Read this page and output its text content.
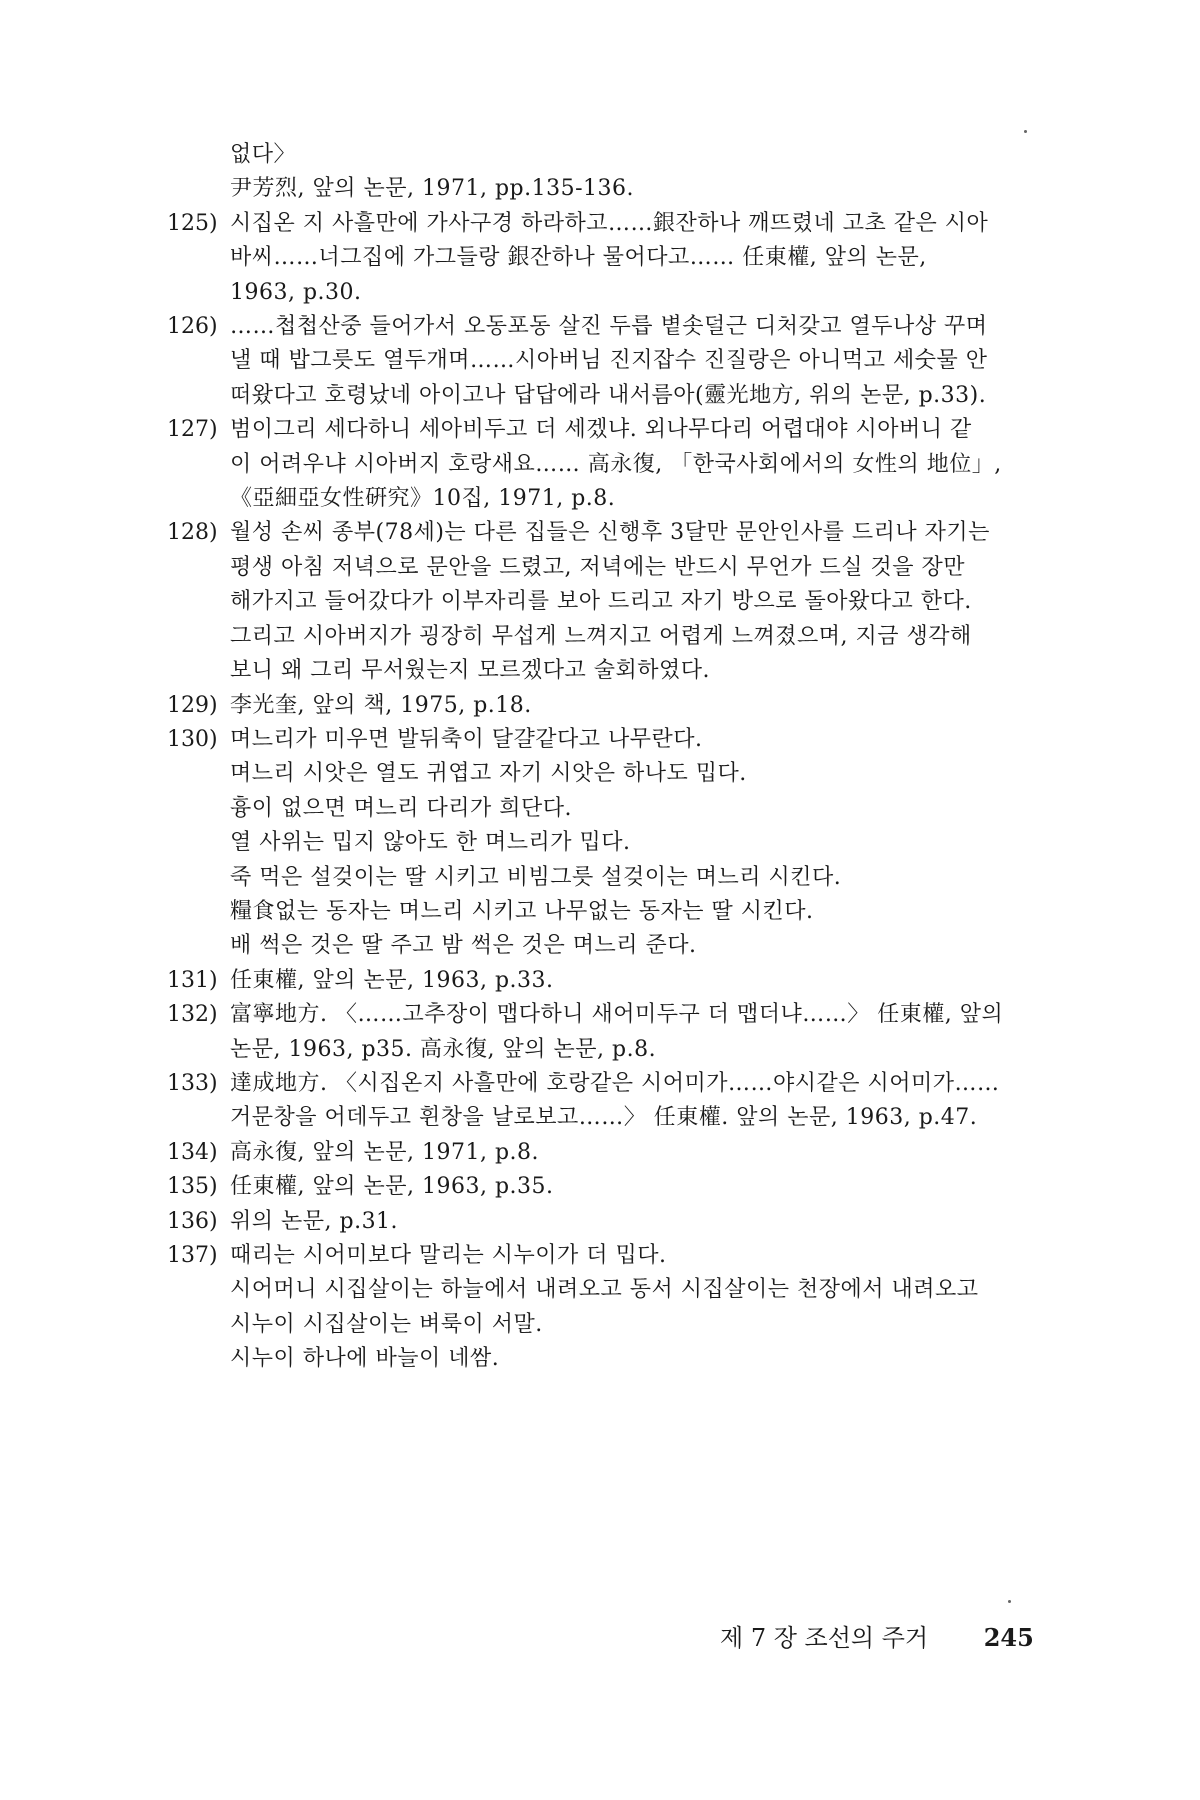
없다〉
尹芳烈, 앞의 논문, 1971, pp.135-136.
125) 시집온 지 사흘만에 가사구경 하라하고……銀잔하나 깨뜨렸네 고초 같은 시아
바씨……너그집에 가그들랑 銀잔하나 물어다고…… 任東權, 앞의 논문,
1963, p.30.
126) ……첩첩산중 들어가서 오동포동 살진 두릅 볕솟덜근 디처갖고 열두나상 꾸며
낼 때 밥그릇도 열두개며……시아버님 진지잡수 진질랑은 아니먹고 세숫물 안
떠왔다고 호령났네 아이고나 답답에라 내서름아(靈光地方, 위의 논문, p.33).
127) 범이그리 세다하니 세아비두고 더 세겠냐. 외나무다리 어렵대야 시아버니 같
이 어려우냐 시아버지 호랑새요…… 高永復, 「한국사회에서의 女性의 地位」,
《亞細亞女性硏究》10집, 1971, p.8.
128) 월성 손씨 종부(78세)는 다른 집들은 신행후 3달만 문안인사를 드리나 자기는
평생 아침 저녁으로 문안을 드렸고, 저녁에는 반드시 무언가 드실 것을 장만
해가지고 들어갔다가 이부자리를 보아 드리고 자기 방으로 돌아왔다고 한다.
그리고 시아버지가 굉장히 무섭게 느껴지고 어렵게 느껴졌으며, 지금 생각해
보니 왜 그리 무서웠는지 모르겠다고 술회하였다.
129) 李光奎, 앞의 책, 1975, p.18.
130) 며느리가 미우면 발뒤축이 달걀같다고 나무란다.
며느리 시앗은 열도 귀엽고 자기 시앗은 하나도 밉다.
흉이 없으면 며느리 다리가 희단다.
열 사위는 밉지 않아도 한 며느리가 밉다.
죽 먹은 설겆이는 딸 시키고 비빔그릇 설겆이는 며느리 시킨다.
糧食없는 동자는 며느리 시키고 나무없는 동자는 딸 시킨다.
배 썩은 것은 딸 주고 밤 썩은 것은 며느리 준다.
131) 任東權, 앞의 논문, 1963, p.33.
132) 富寧地方. 〈……고추장이 맵다하니 새어미두구 더 맵더냐……〉 任東權, 앞의
논문, 1963, p35. 高永復, 앞의 논문, p.8.
133) 達成地方. 〈시집온지 사흘만에 호랑같은 시어미가……야시같은 시어미가……
거문창을 어데두고 휜창을 날로보고……〉 任東權. 앞의 논문, 1963, p.47.
134) 高永復, 앞의 논문, 1971, p.8.
135) 任東權, 앞의 논문, 1963, p.35.
136) 위의 논문, p.31.
137) 때리는 시어미보다 말리는 시누이가 더 밉다.
시어머니 시집살이는 하늘에서 내려오고 동서 시집살이는 천장에서 내려오고
시누이 시집살이는 벼룩이 서말.
시누이 하나에 바늘이 네쌈.
제 7 장 조선의 주거 245
